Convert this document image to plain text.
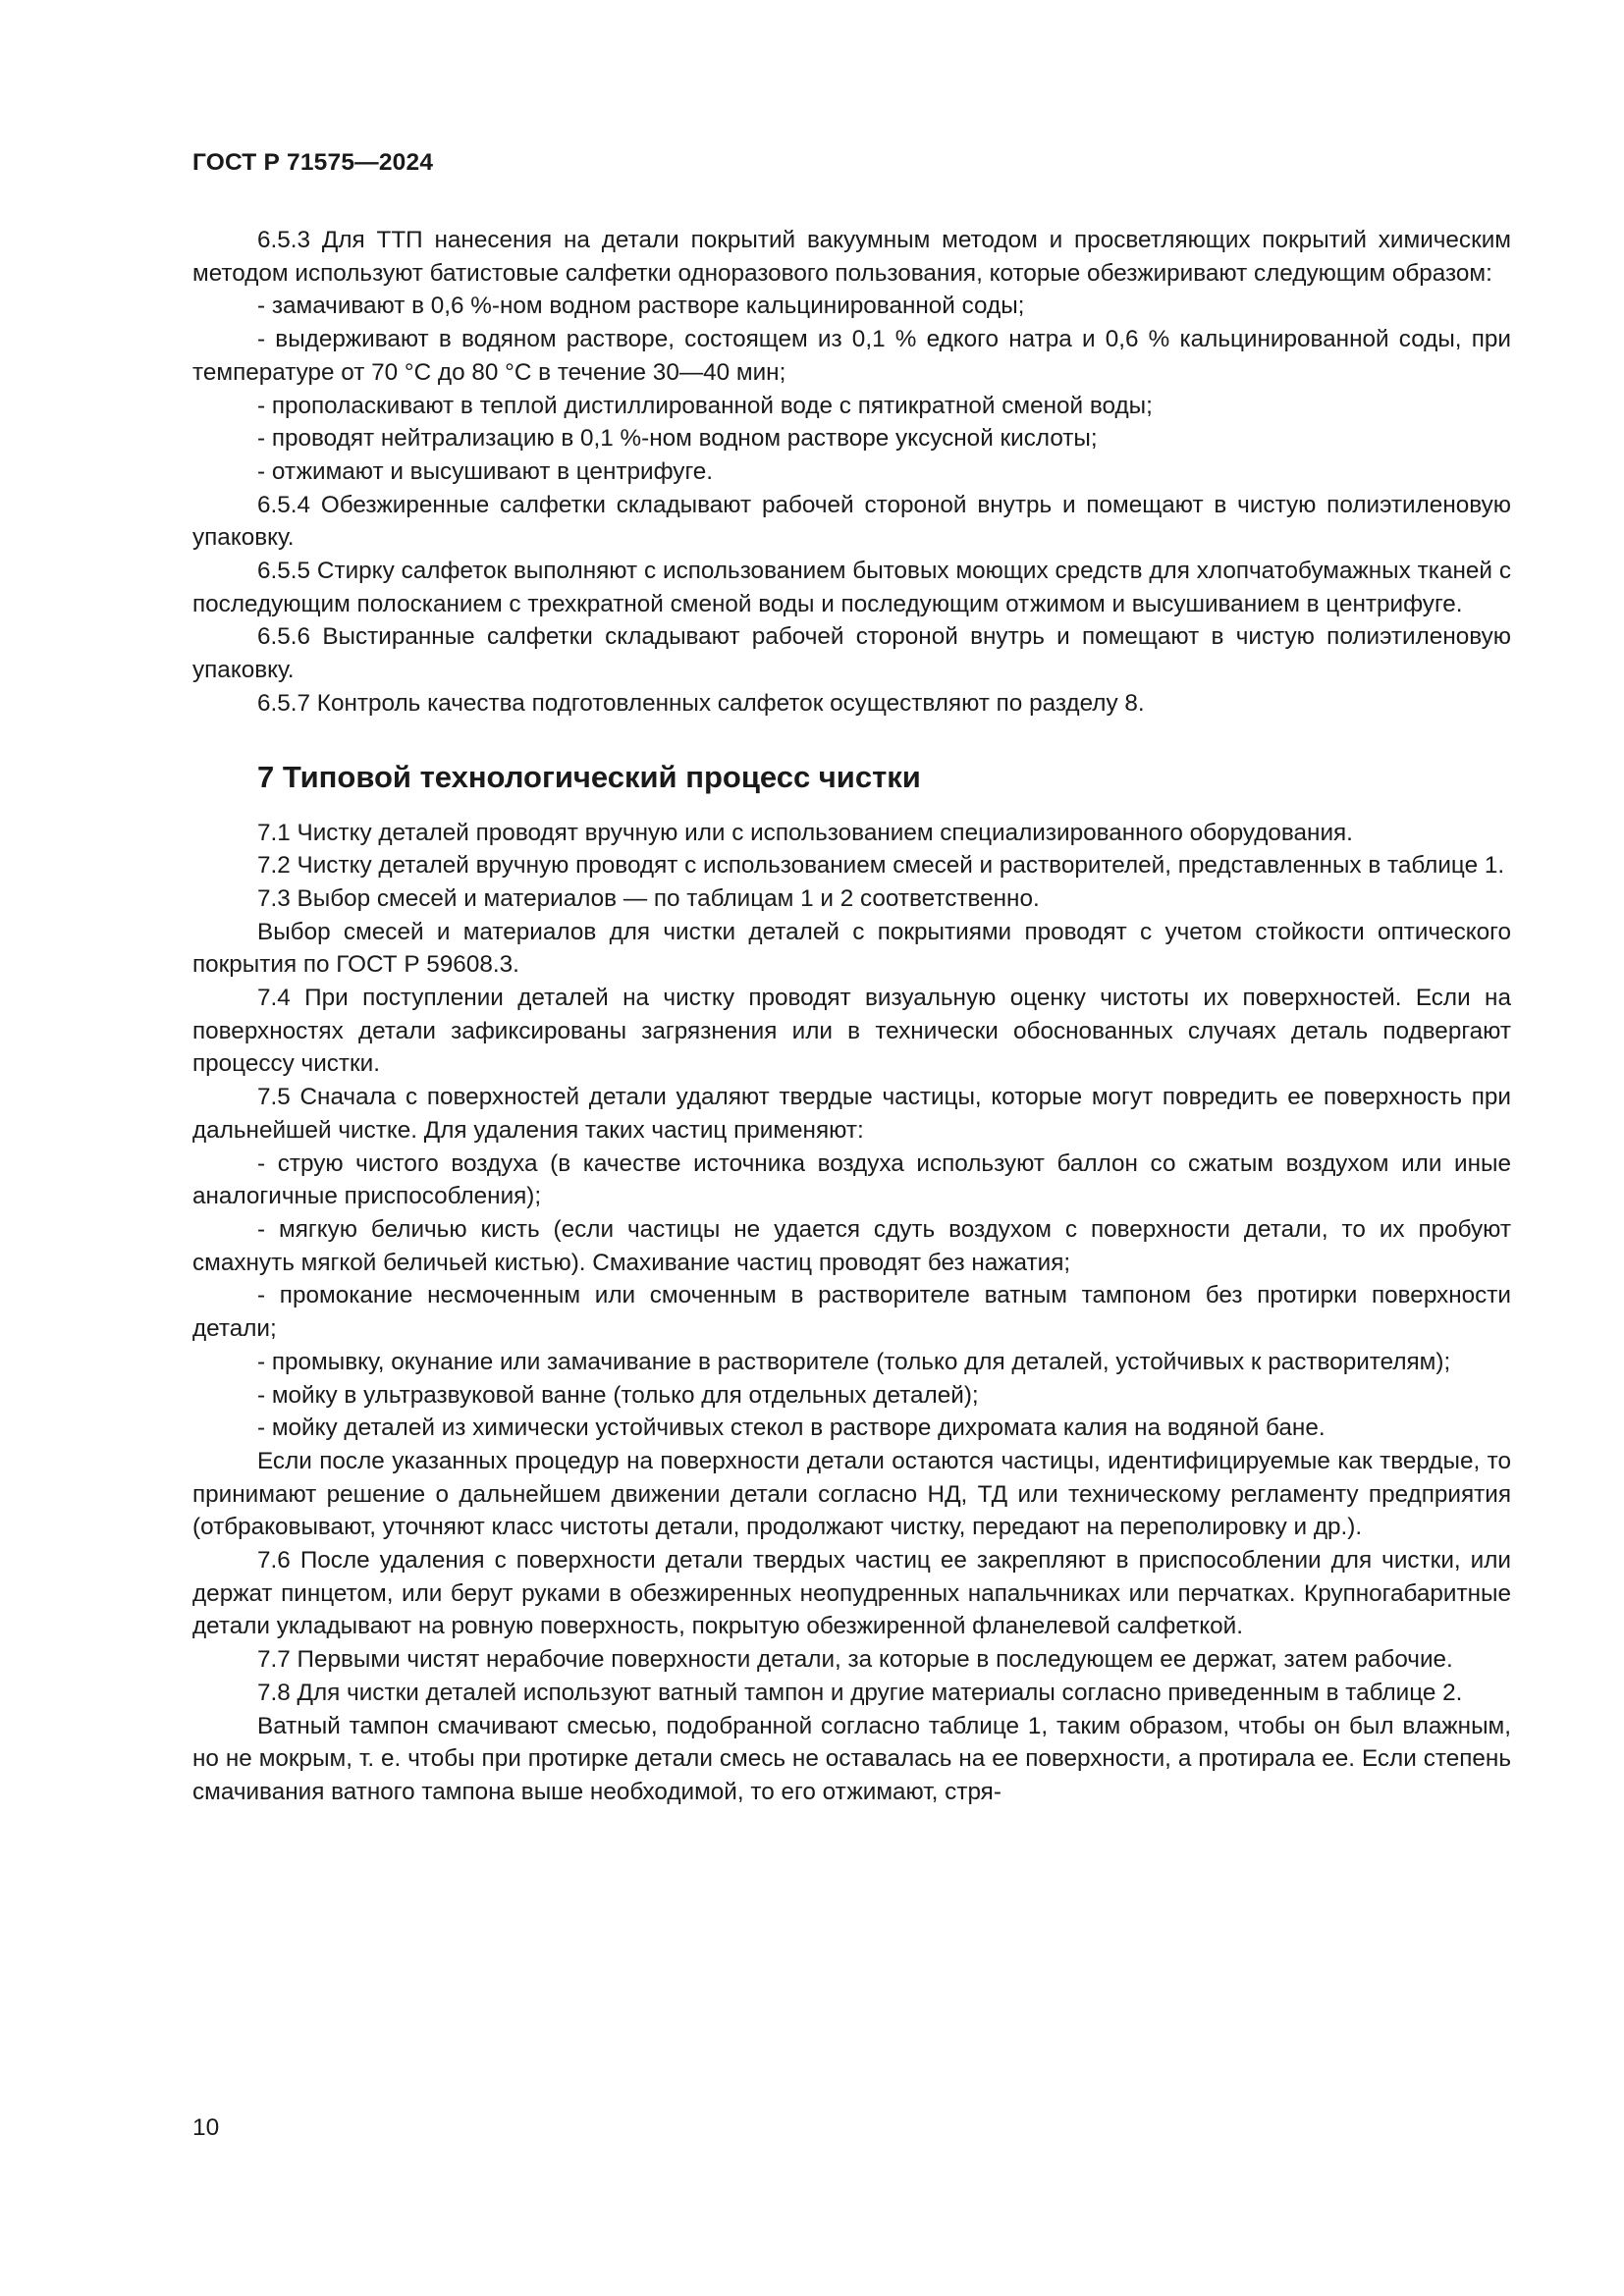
ГОСТ Р 71575—2024

6.5.3 Для ТТП нанесения на детали покрытий вакуумным методом и просветляющих покрытий химическим методом используют батистовые салфетки одноразового пользования, которые обезжиривают следующим образом:

- замачивают в 0,6 %-ном водном растворе кальцинированной соды;

- выдерживают в водяном растворе, состоящем из 0,1 % едкого натра и 0,6 % кальцинированной соды, при температуре от 70 °С до 80 °С в течение 30—40 мин;

- прополаскивают в теплой дистиллированной воде с пятикратной сменой воды;

- проводят нейтрализацию в 0,1 %-ном водном растворе уксусной кислоты;

- отжимают и высушивают в центрифуге.

6.5.4 Обезжиренные салфетки складывают рабочей стороной внутрь и помещают в чистую полиэтиленовую упаковку.

6.5.5 Стирку салфеток выполняют с использованием бытовых моющих средств для хлопчатобумажных тканей с последующим полосканием с трехкратной сменой воды и последующим отжимом и высушиванием в центрифуге.

6.5.6 Выстиранные салфетки складывают рабочей стороной внутрь и помещают в чистую полиэтиленовую упаковку.

6.5.7 Контроль качества подготовленных салфеток осуществляют по разделу 8.

7 Типовой технологический процесс чистки

7.1 Чистку деталей проводят вручную или с использованием специализированного оборудования.

7.2 Чистку деталей вручную проводят с использованием смесей и растворителей, представленных в таблице 1.

7.3 Выбор смесей и материалов — по таблицам 1 и 2 соответственно.

Выбор смесей и материалов для чистки деталей с покрытиями проводят с учетом стойкости оптического покрытия по ГОСТ Р 59608.3.

7.4 При поступлении деталей на чистку проводят визуальную оценку чистоты их поверхностей. Если на поверхностях детали зафиксированы загрязнения или в технически обоснованных случаях деталь подвергают процессу чистки.

7.5 Сначала с поверхностей детали удаляют твердые частицы, которые могут повредить ее поверхность при дальнейшей чистке. Для удаления таких частиц применяют:

- струю чистого воздуха (в качестве источника воздуха используют баллон со сжатым воздухом или иные аналогичные приспособления);

- мягкую беличью кисть (если частицы не удается сдуть воздухом с поверхности детали, то их пробуют смахнуть мягкой беличьей кистью). Смахивание частиц проводят без нажатия;

- промокание несмоченным или смоченным в растворителе ватным тампоном без протирки поверхности детали;

- промывку, окунание или замачивание в растворителе (только для деталей, устойчивых к растворителям);

- мойку в ультразвуковой ванне (только для отдельных деталей);

- мойку деталей из химически устойчивых стекол в растворе дихромата калия на водяной бане.

Если после указанных процедур на поверхности детали остаются частицы, идентифицируемые как твердые, то принимают решение о дальнейшем движении детали согласно НД, ТД или техническому регламенту предприятия (отбраковывают, уточняют класс чистоты детали, продолжают чистку, передают на переполировку и др.).

7.6 После удаления с поверхности детали твердых частиц ее закрепляют в приспособлении для чистки, или держат пинцетом, или берут руками в обезжиренных неопудренных напальчниках или перчатках. Крупногабаритные детали укладывают на ровную поверхность, покрытую обезжиренной фланелевой салфеткой.

7.7 Первыми чистят нерабочие поверхности детали, за которые в последующем ее держат, затем рабочие.

7.8 Для чистки деталей используют ватный тампон и другие материалы согласно приведенным в таблице 2.

Ватный тампон смачивают смесью, подобранной согласно таблице 1, таким образом, чтобы он был влажным, но не мокрым, т. е. чтобы при протирке детали смесь не оставалась на ее поверхности, а протирала ее. Если степень смачивания ватного тампона выше необходимой, то его отжимают, стря-

10
